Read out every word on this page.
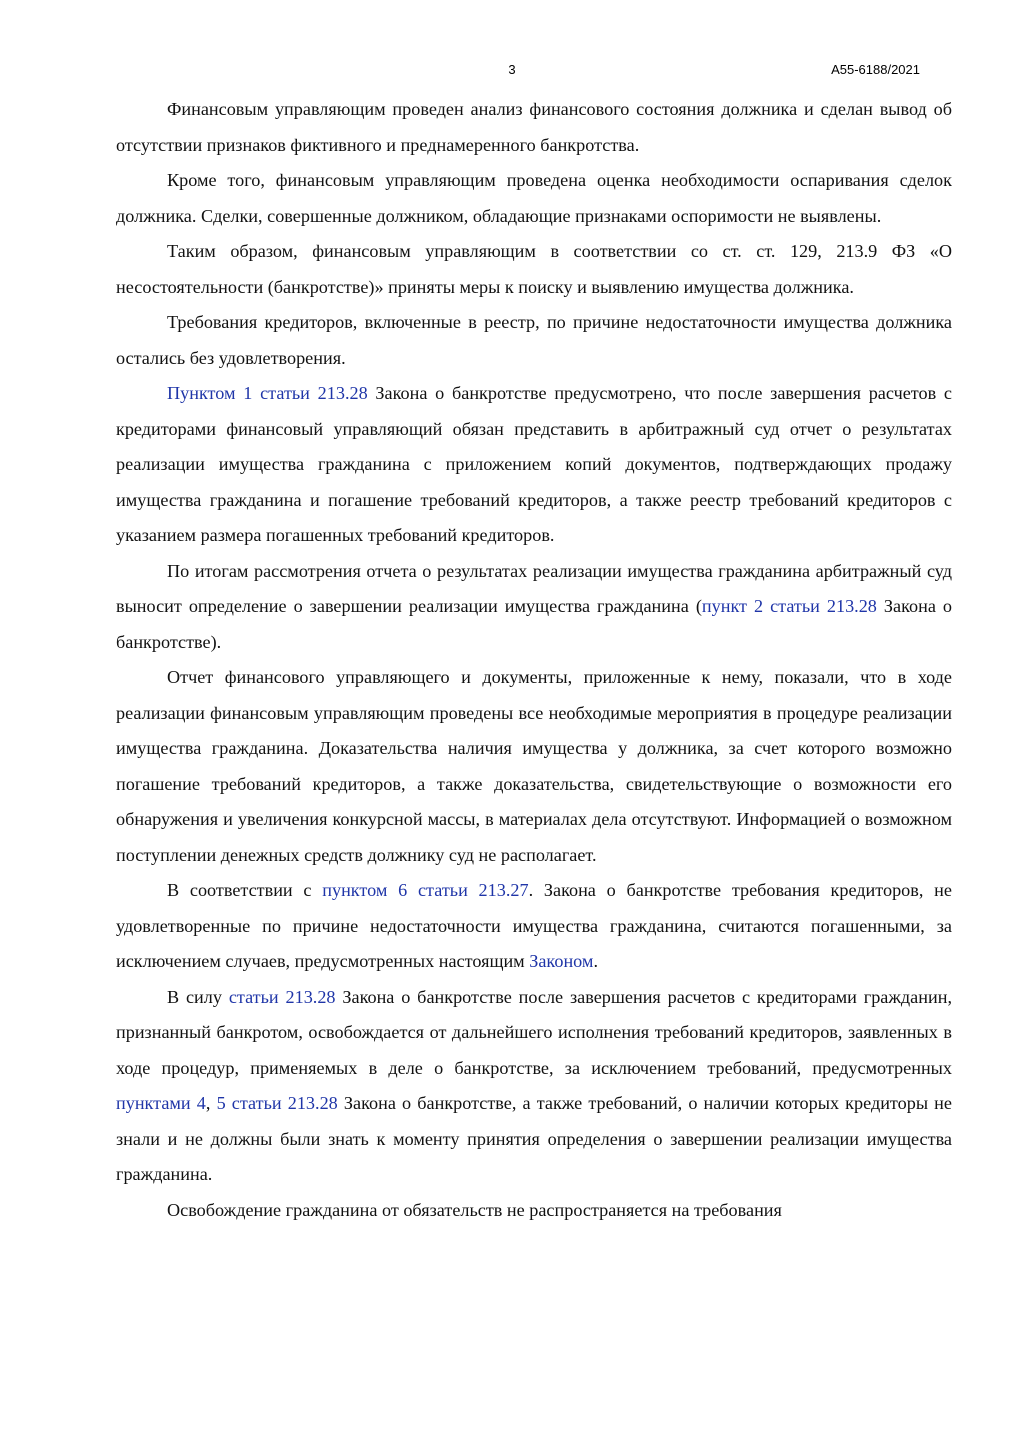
3	А55-6188/2021

Финансовым управляющим проведен анализ финансового состояния должника и сделан вывод об отсутствии признаков фиктивного и преднамеренного банкротства.

Кроме того, финансовым управляющим проведена оценка необходимости оспаривания сделок должника. Сделки, совершенные должником, обладающие признаками оспоримости не выявлены.

Таким образом, финансовым управляющим в соответствии со ст. ст. 129, 213.9 ФЗ «О несостоятельности (банкротстве)» приняты меры к поиску и выявлению имущества должника.

Требования кредиторов, включенные в реестр, по причине недостаточности имущества должника остались без удовлетворения.

Пунктом 1 статьи 213.28 Закона о банкротстве предусмотрено, что после завершения расчетов с кредиторами финансовый управляющий обязан представить в арбитражный суд отчет о результатах реализации имущества гражданина с приложением копий документов, подтверждающих продажу имущества гражданина и погашение требований кредиторов, а также реестр требований кредиторов с указанием размера погашенных требований кредиторов.

По итогам рассмотрения отчета о результатах реализации имущества гражданина арбитражный суд выносит определение о завершении реализации имущества гражданина (пункт 2 статьи 213.28 Закона о банкротстве).

Отчет финансового управляющего и документы, приложенные к нему, показали, что в ходе реализации финансовым управляющим проведены все необходимые мероприятия в процедуре реализации имущества гражданина. Доказательства наличия имущества у должника, за счет которого возможно погашение требований кредиторов, а также доказательства, свидетельствующие о возможности его обнаружения и увеличения конкурсной массы, в материалах дела отсутствуют. Информацией о возможном поступлении денежных средств должнику суд не располагает.

В соответствии с пунктом 6 статьи 213.27. Закона о банкротстве требования кредиторов, не удовлетворенные по причине недостаточности имущества гражданина, считаются погашенными, за исключением случаев, предусмотренных настоящим Законом.

В силу статьи 213.28 Закона о банкротстве после завершения расчетов с кредиторами гражданин, признанный банкротом, освобождается от дальнейшего исполнения требований кредиторов, заявленных в ходе процедур, применяемых в деле о банкротстве, за исключением требований, предусмотренных пунктами 4, 5 статьи 213.28 Закона о банкротстве, а также требований, о наличии которых кредиторы не знали и не должны были знать к моменту принятия определения о завершении реализации имущества гражданина.

Освобождение гражданина от обязательств не распространяется на требования
